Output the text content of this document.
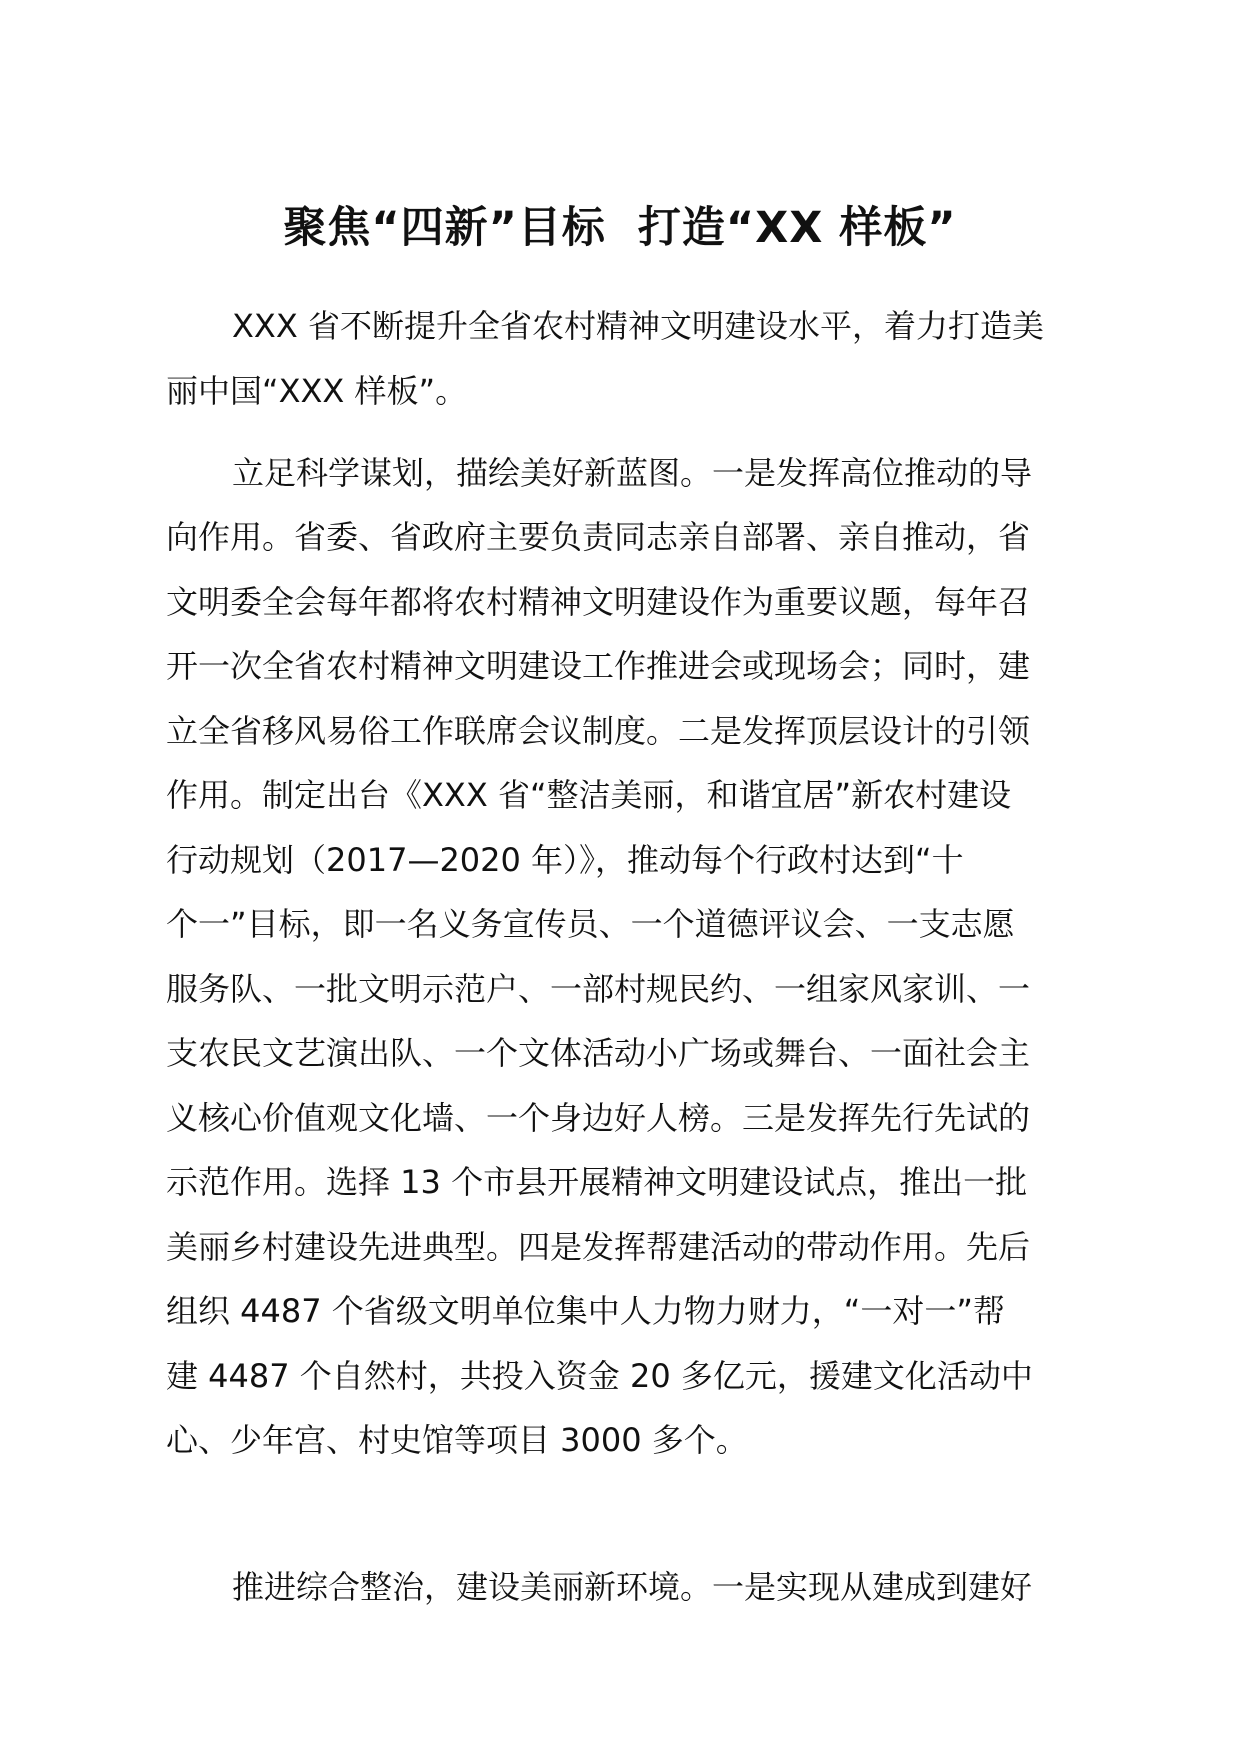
聚焦“四新”目标  打造“XX 样板”

XXX 省不断提升全省农村精神文明建设水平，着力打造美

丽中国“XXX 样板”。

立足科学谋划，描绘美好新蓝图。一是发挥高位推动的导

向作用。省委、省政府主要负责同志亲自部署、亲自推动，省

文明委全会每年都将农村精神文明建设作为重要议题，每年召

开一次全省农村精神文明建设工作推进会或现场会；同时，建

立全省移风易俗工作联席会议制度。二是发挥顶层设计的引领

作用。制定出台《XXX 省“整洁美丽，和谐宜居”新农村建设

行动规划（2017—2020 年）》，推动每个行政村达到“十

个一”目标，即一名义务宣传员、一个道德评议会、一支志愿

服务队、一批文明示范户、一部村规民约、一组家风家训、一

支农民文艺演出队、一个文体活动小广场或舞台、一面社会主

义核心价值观文化墙、一个身边好人榜。三是发挥先行先试的

示范作用。选择 13 个市县开展精神文明建设试点，推出一批

美丽乡村建设先进典型。四是发挥帮建活动的带动作用。先后

组织 4487 个省级文明单位集中人力物力财力，“一对一”帮

建 4487 个自然村，共投入资金 20 多亿元，援建文化活动中

心、少年宫、村史馆等项目 3000 多个。

推进综合整治，建设美丽新环境。一是实现从建成到建好
